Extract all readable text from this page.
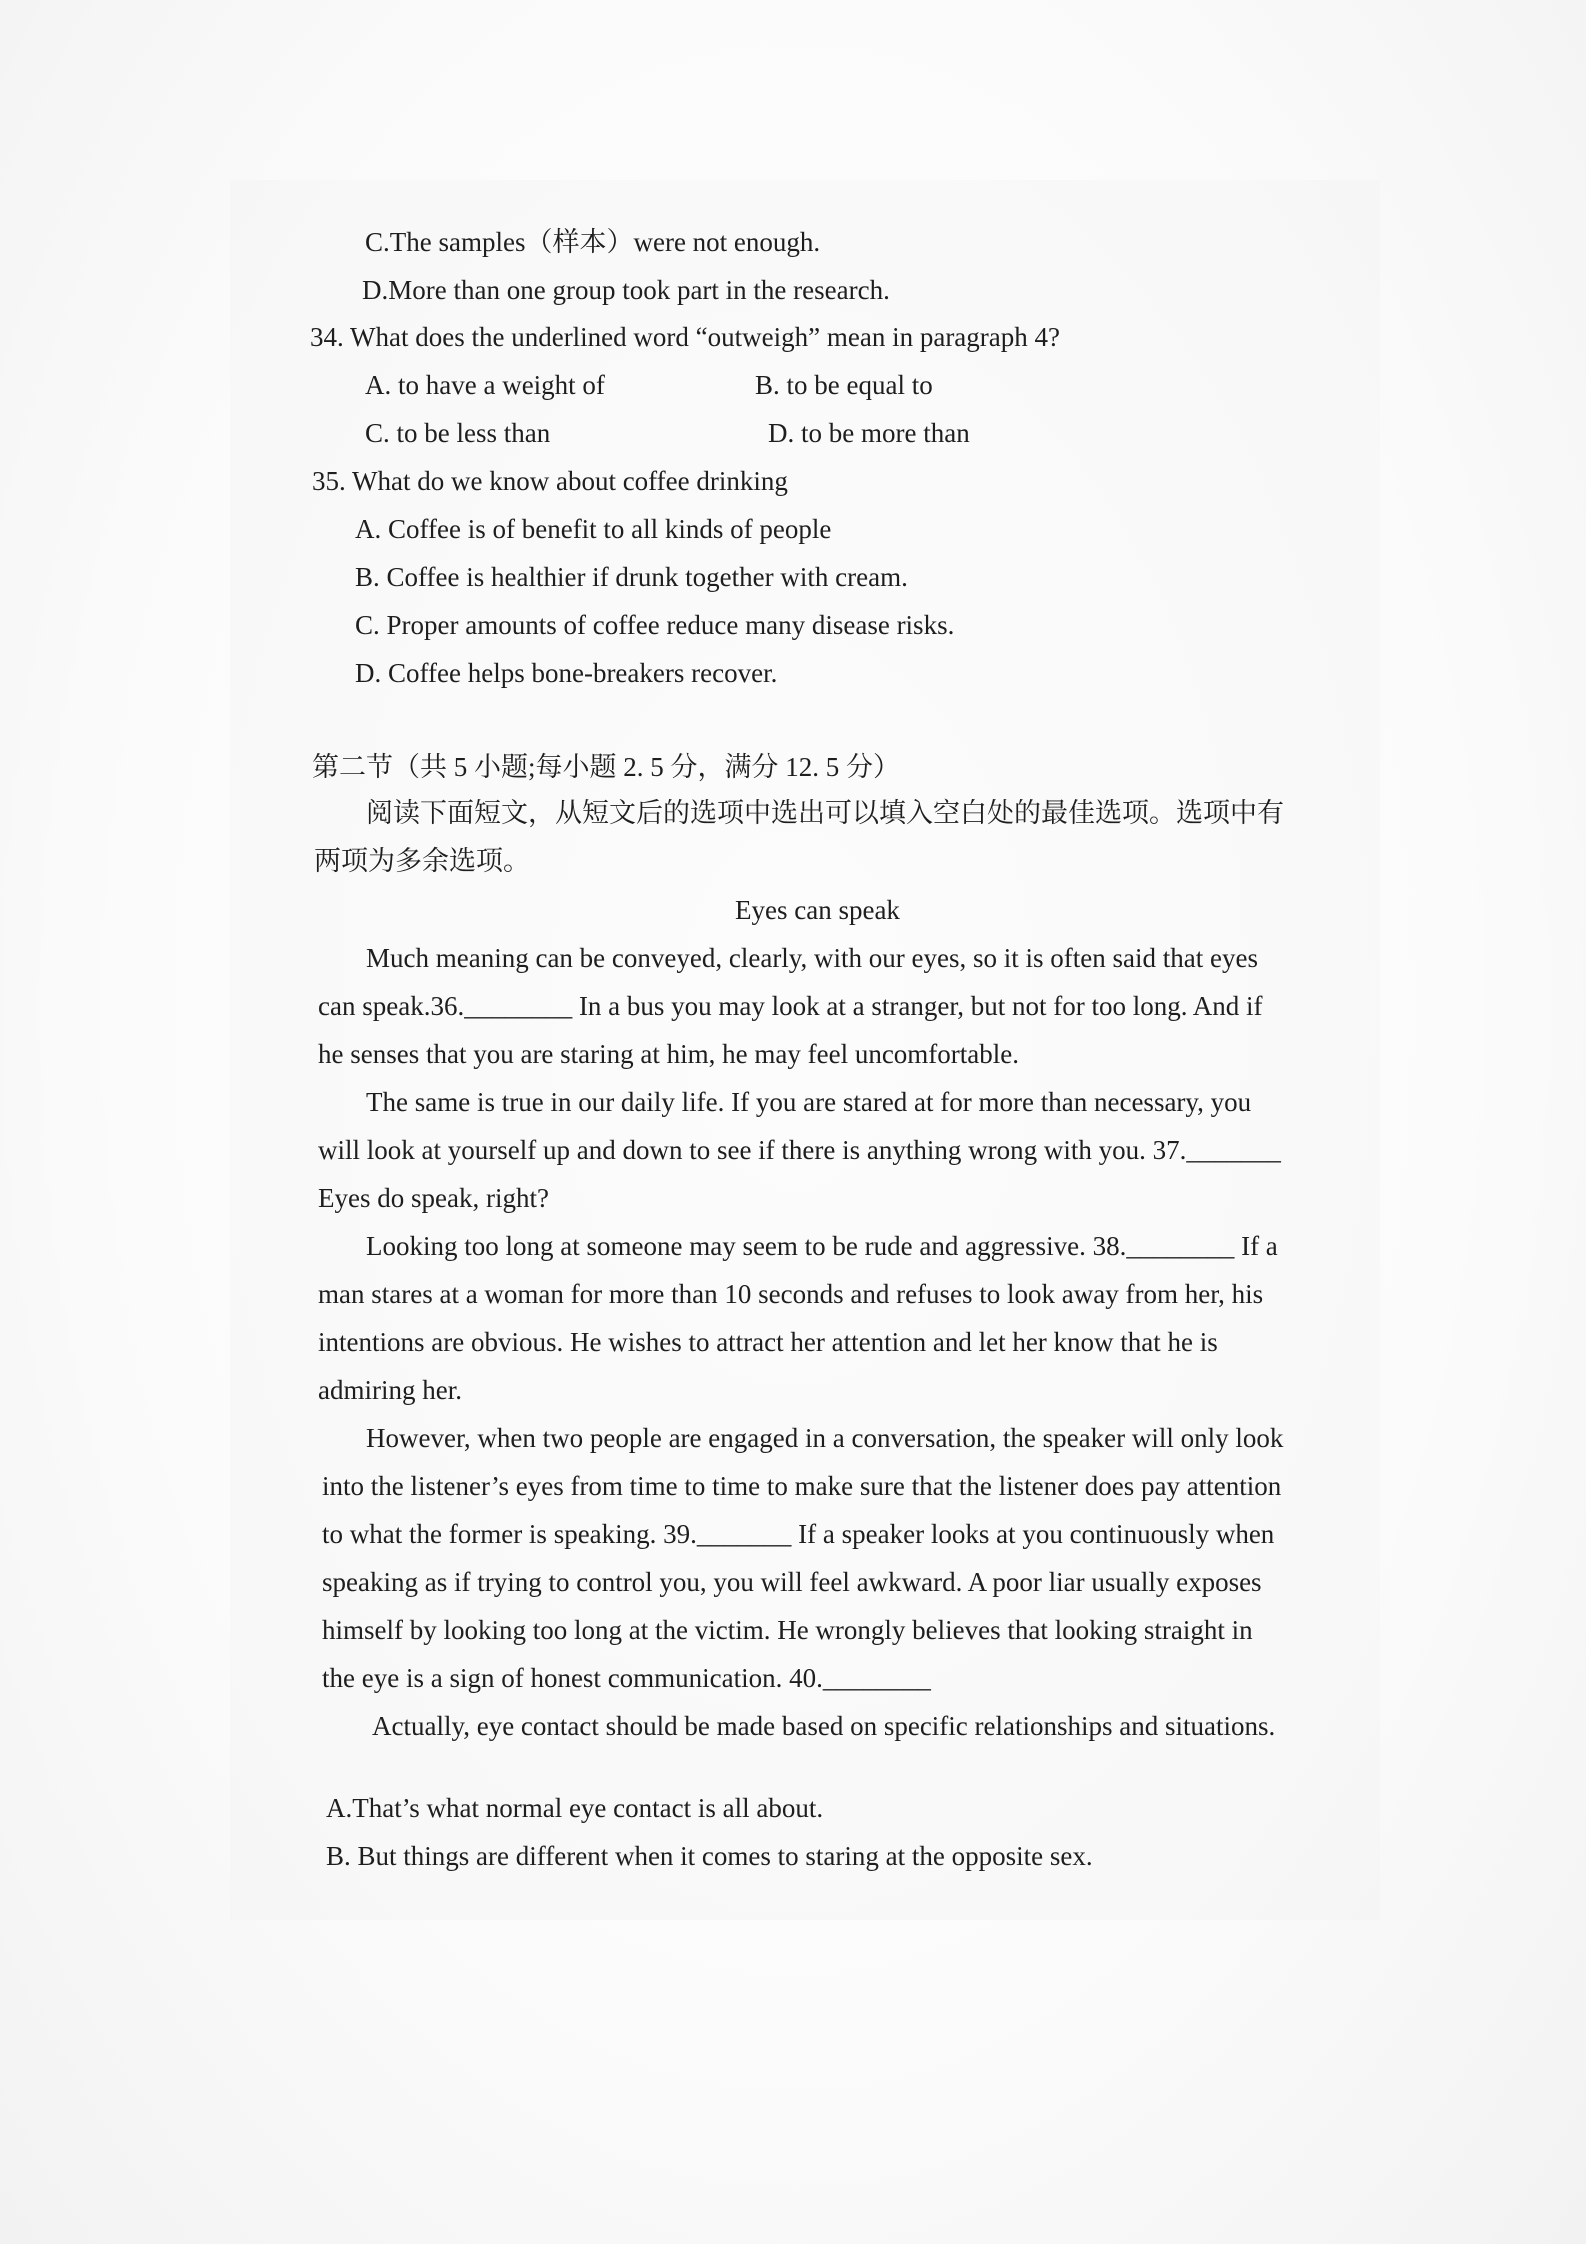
C.The samples（样本）were not enough.
D.More than one group took part in the research.
34. What does the underlined word “outweigh” mean in paragraph 4?
A. to have a weight of	B. to be equal to
C. to be less than	D. to be more than
35. What do we know about coffee drinking
A. Coffee is of benefit to all kinds of people
B. Coffee is healthier if drunk together with cream.
C. Proper amounts of coffee reduce many disease risks.
D. Coffee helps bone-breakers recover.
第二节（共 5 小题;每小题 2. 5 分，满分 12. 5 分）
阅读下面短文，从短文后的选项中选出可以填入空白处的最佳选项。选项中有
两项为多余选项。
Eyes can speak
Much meaning can be conveyed, clearly, with our eyes, so it is often said that eyes
can speak.36.________ In a bus you may look at a stranger, but not for too long. And if
he senses that you are staring at him, he may feel uncomfortable.
The same is true in our daily life. If you are stared at for more than necessary, you
will look at yourself up and down to see if there is anything wrong with you. 37._______
Eyes do speak, right?
Looking too long at someone may seem to be rude and aggressive. 38.________ If a
man stares at a woman for more than 10 seconds and refuses to look away from her, his
intentions are obvious. He wishes to attract her attention and let her know that he is
admiring her.
However, when two people are engaged in a conversation, the speaker will only look
into the listener’s eyes from time to time to make sure that the listener does pay attention
to what the former is speaking. 39._______ If a speaker looks at you continuously when
speaking as if trying to control you, you will feel awkward. A poor liar usually exposes
himself by looking too long at the victim. He wrongly believes that looking straight in
the eye is a sign of honest communication. 40.________
Actually, eye contact should be made based on specific relationships and situations.
A.That’s what normal eye contact is all about.
B. But things are different when it comes to staring at the opposite sex.
